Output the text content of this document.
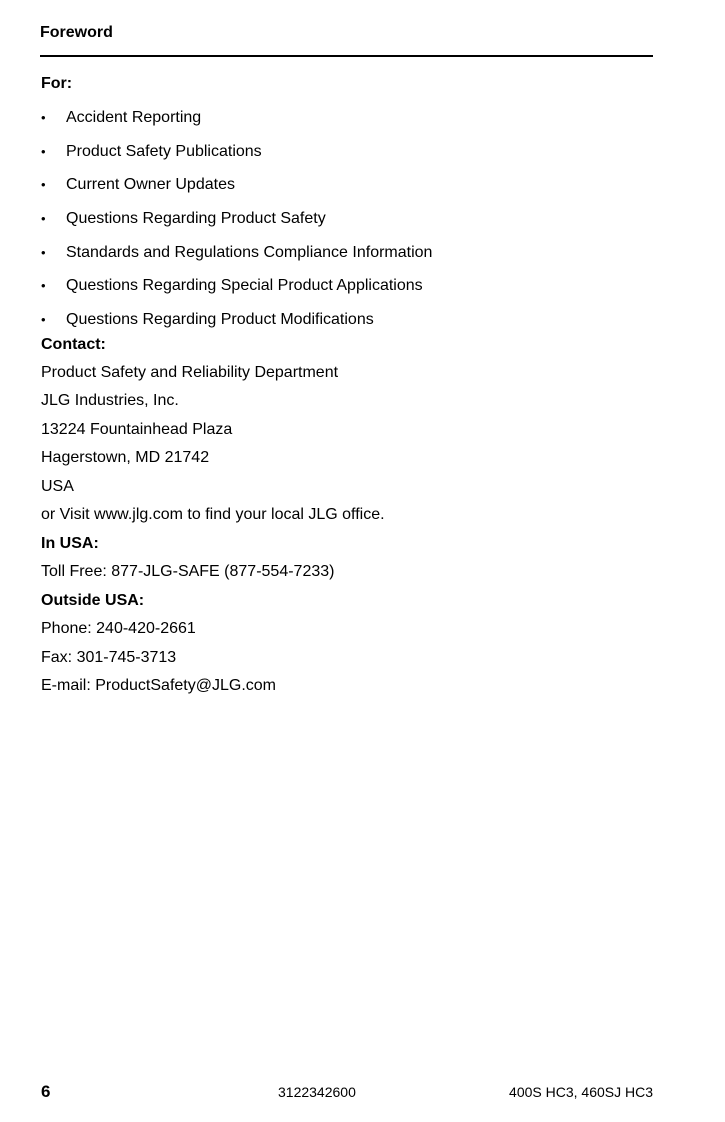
Foreword
For:
• Accident Reporting
• Product Safety Publications
• Current Owner Updates
• Questions Regarding Product Safety
• Standards and Regulations Compliance Information
• Questions Regarding Special Product Applications
• Questions Regarding Product Modifications
Contact:
Product Safety and Reliability Department
JLG Industries, Inc.
13224 Fountainhead Plaza
Hagerstown, MD 21742
USA
or Visit www.jlg.com to find your local JLG office.
In USA:
Toll Free: 877-JLG-SAFE (877-554-7233)
Outside USA:
Phone: 240-420-2661
Fax: 301-745-3713
E-mail: ProductSafety@JLG.com
6	3122342600	400S HC3, 460SJ HC3
